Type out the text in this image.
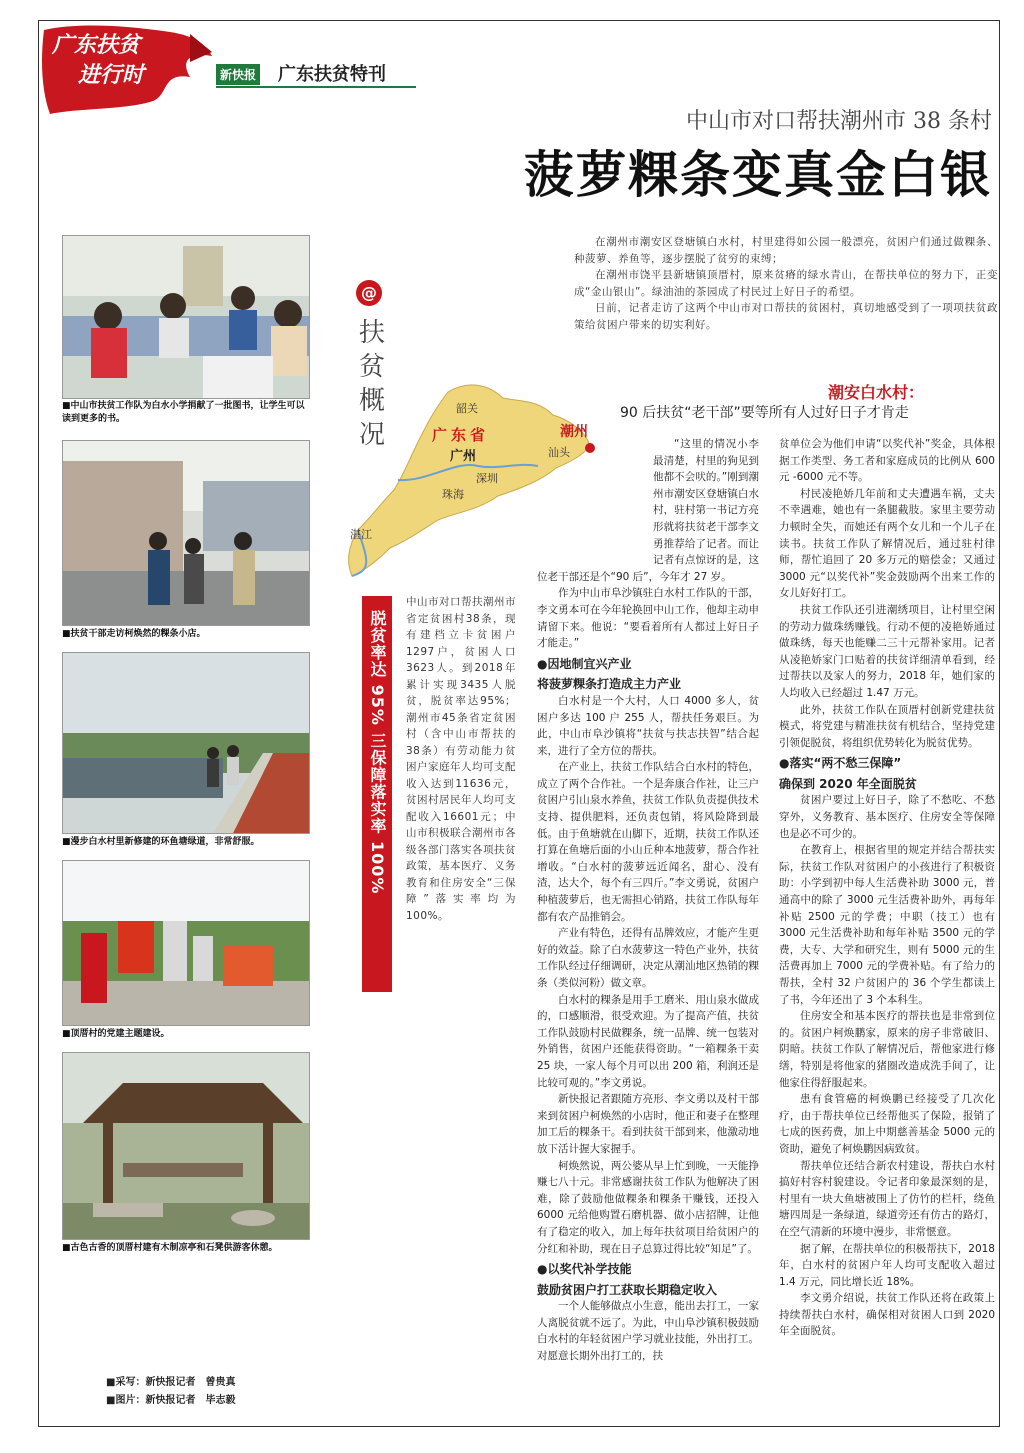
广东扶贫
进行时	新快报 广东扶贫特刊
中山市对口帮扶潮州市 38 条村
菠萝粿条变真金白银
■中山市扶贫工作队为白水小学捐献了一批图书，让学生可以读到更多的书。
■扶贫干部走访柯焕然的粿条小店。
■漫步白水村里新修建的环鱼塘绿道，非常舒服。
■顶厝村的党建主题建设。
■古色古香的顶厝村建有木制凉亭和石凳供游客休憩。
@
扶贫概况	广东省
韶关
广州	汕头
深圳
珠海
湛江
潮州
脱贫率达 95% 三保障落实率 100%
中山市对口帮扶潮州市省定贫困村38条，现有建档立卡贫困户1297户，贫困人口3623人。到2018年累计实现3435人脱贫，脱贫率达95%；潮州市45条省定贫困村（含中山市帮扶的38条）有劳动能力贫困户家庭年人均可支配收入达到11636元，贫困村居民年人均可支配收入16601元；中山市积极联合潮州市各级各部门落实各项扶贫政策，基本医疗、义务教育和住房安全“三保障”落实率均为100%。

在潮州市潮安区登塘镇白水村，村里建得如公园一般漂亮，贫困户们通过做粿条、种菠萝、养鱼等，逐步摆脱了贫穷的束缚；

在潮州市饶平县新塘镇顶厝村，原来贫瘠的绿水青山，在帮扶单位的努力下，正变成“金山银山”。绿油油的茶园成了村民过上好日子的希望。

日前，记者走访了这两个中山市对口帮扶的贫困村，真切地感受到了一项项扶贫政策给贫困户带来的切实利好。

潮安白水村：
90 后扶贫“老干部”要等所有人过好日子才肯走

“这里的情况小李最清楚，村里的狗见到他都不会吠的。”刚到潮州市潮安区登塘镇白水村，驻村第一书记方亮形就将扶贫老干部李文勇推荐给了记者。而让记者有点惊讶的是，这位老干部还是个“90 后”，今年才 27 岁。

作为中山市阜沙镇驻白水村工作队的干部，李文勇本可在今年轮换回中山工作，他却主动申请留下来。他说：“要看着所有人都过上好日子才能走。”

●因地制宜兴产业

将菠萝粿条打造成主力产业

白水村是一个大村，人口 4000 多人，贫困户多达 100 户 255 人，帮扶任务艰巨。为此，中山市阜沙镇将“扶贫与扶志扶智”结合起来，进行了全方位的帮扶。

在产业上，扶贫工作队结合白水村的特色，成立了两个合作社。一个是奔康合作社，让三户贫困户引山泉水养鱼，扶贫工作队负责提供技术支持、提供肥料，还负责包销，将风险降到最低。由于鱼塘就在山脚下，近期，扶贫工作队还打算在鱼塘后面的小山丘种本地菠萝，帮合作社增收。“白水村的菠萝远近闻名，甜心、没有渣，达大个，每个有三四斤。”李文勇说，贫困户种植菠萝后，也无需担心销路，扶贫工作队每年都有农产品推销会。

产业有特色，还得有品牌效应，才能产生更好的效益。除了白水菠萝这一特色产业外，扶贫工作队经过仔细调研，决定从潮汕地区热销的粿条（类似河粉）做文章。

白水村的粿条是用手工磨米、用山泉水做成的，口感顺滑，很受欢迎。为了提高产值，扶贫工作队鼓励村民做粿条，统一品牌、统一包装对外销售，贫困户还能获得资助。“一箱粿条干卖 25 块，一家人每个月可以出 200 箱，利润还是比较可观的。”李文勇说。

新快报记者跟随方亮形、李文勇以及村干部来到贫困户柯焕然的小店时，他正和妻子在整理加工后的粿条干。看到扶贫干部到来，他激动地放下活计握大家握手。

柯焕然说，两公婆从早上忙到晚，一天能挣赚七八十元。非常感谢扶贫工作队为他解决了困难，除了鼓励他做粿条和粿条干赚钱，还投入 6000 元给他购置石磨机器、做小店招牌，让他有了稳定的收入，加上每年扶贫项目给贫困户的分红和补助，现在日子总算过得比较“知足”了。

●以奖代补学技能

鼓励贫困户打工获取长期稳定收入

一个人能够做点小生意，能出去打工，一家人离脱贫就不远了。为此，中山阜沙镇积极鼓励白水村的年轻贫困户学习就业技能，外出打工。对愿意长期外出打工的，扶

贫单位会为他们申请“以奖代补”奖金，具体根据工作类型、务工者和家庭成员的比例从 600 元 -6000 元不等。

村民凌艳娇几年前和丈夫遭遇车祸，丈夫不幸遇难，她也有一条腿截肢。家里主要劳动力顿时全失，而她还有两个女儿和一个儿子在读书。扶贫工作队了解情况后，通过驻村律师，帮忙追回了 20 多万元的赔偿金；又通过 3000 元“以奖代补”奖金鼓励两个出来工作的女儿好好打工。

扶贫工作队还引进潮绣项目，让村里空闲的劳动力做珠绣赚钱。行动不便的凌艳娇通过做珠绣，每天也能赚二三十元帮补家用。记者从凌艳娇家门口贴着的扶贫详细清单看到，经过帮扶以及家人的努力，2018 年，她们家的人均收入已经超过 1.47 万元。

此外，扶贫工作队在顶厝村创新党建扶贫模式，将党建与精准扶贫有机结合，坚持党建引领促脱贫，将组织优势转化为脱贫优势。

●落实“两不愁三保障”

确保到 2020 年全面脱贫

贫困户要过上好日子，除了不愁吃、不愁穿外，义务教育、基本医疗、住房安全等保障也是必不可少的。

在教育上，根据省里的规定并结合帮扶实际，扶贫工作队对贫困户的小孩进行了积极资助：小学到初中每人生活费补助 3000 元，普通高中的除了 3000 元生活费补助外，再每年补贴 2500 元的学费；中职（技工）也有 3000 元生活费补助和每年补贴 3500 元的学费，大专、大学和研究生，则有 5000 元的生活费再加上 7000 元的学费补贴。有了给力的帮扶，全村 32 户贫困户的 36 个学生都读上了书，今年还出了 3 个本科生。

住房安全和基本医疗的帮扶也是非常到位的。贫困户柯焕鹏家，原来的房子非常破旧、阴暗。扶贫工作队了解情况后，帮他家进行修缮，特别是将他家的猪圈改造成洗手间了，让他家住得舒服起来。

患有食管癌的柯焕鹏已经接受了几次化疗，由于帮扶单位已经帮他买了保险，报销了七成的医药费，加上中期慈善基金 5000 元的资助，避免了柯焕鹏因病致贫。

帮扶单位还结合新农村建设，帮扶白水村搞好村容村貌建设。令记者印象最深刻的是，村里有一块大鱼塘被围上了仿竹的栏杆，绕鱼塘四周是一条绿道，绿道旁还有仿古的路灯，在空气清新的环境中漫步，非常惬意。

据了解，在帮扶单位的积极帮扶下，2018 年，白水村的贫困户年人均可支配收入超过 1.4 万元，同比增长近 18%。

李文勇介绍说，扶贫工作队还将在政策上持续帮扶白水村，确保相对贫困人口到 2020 年全面脱贫。

■采写：新快报记者　曾贵真
■图片：新快报记者　毕志毅
